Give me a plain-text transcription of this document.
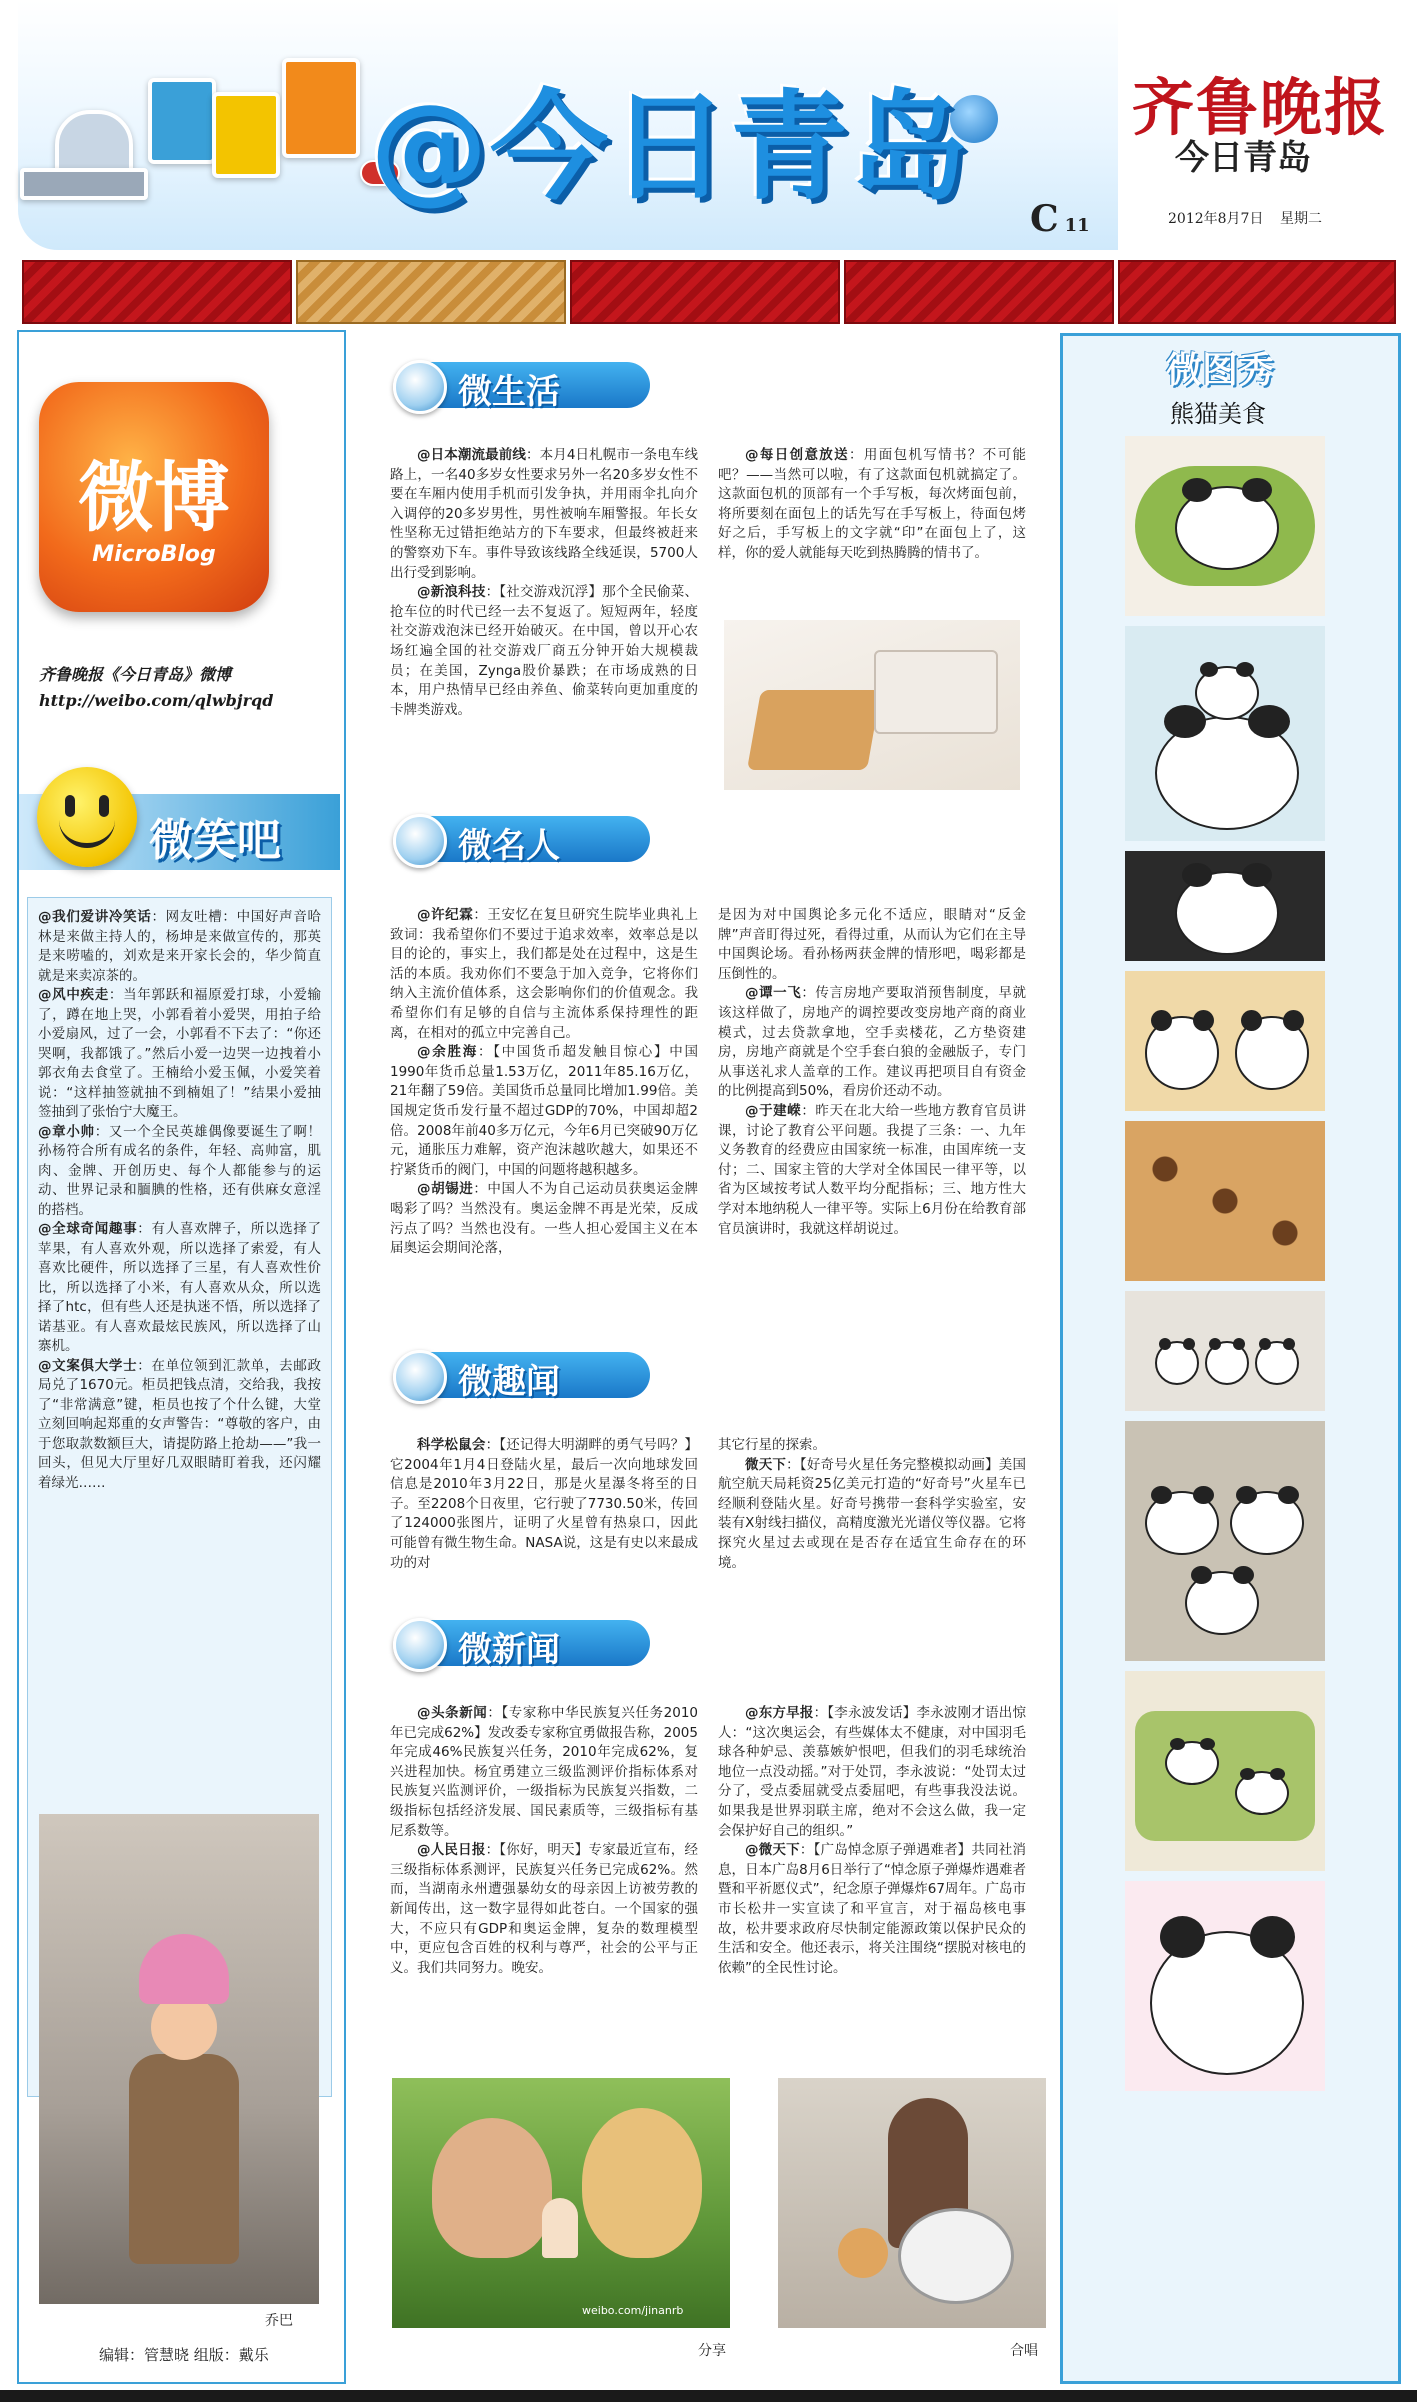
@今日青岛	齐鲁晚报
今日青岛
C 11	2012年8月7日 星期二
微博
MicroBlog
齐鲁晚报《今日青岛》微博
http://weibo.com/qlwbjrqd
微笑吧

@我们爱讲冷笑话：网友吐槽：中国好声音哈林是来做主持人的，杨坤是来做宣传的，那英是来唠嗑的，刘欢是来开家长会的，华少简直就是来卖凉茶的。

@风中疾走：当年郭跃和福原爱打球，小爱输了，蹲在地上哭，小郭看着小爱哭，用拍子给小爱扇风，过了一会，小郭看不下去了：“你还哭啊，我都饿了。”然后小爱一边哭一边拽着小郭衣角去食堂了。王楠给小爱玉佩，小爱笑着说：“这样抽签就抽不到楠姐了！”结果小爱抽签抽到了张怡宁大魔王。

@章小帅：又一个全民英雄偶像要诞生了啊！孙杨符合所有成名的条件，年轻、高帅富，肌肉、金牌、开创历史、每个人都能参与的运动、世界记录和腼腆的性格，还有供麻女意淫的搭档。

@全球奇闻趣事：有人喜欢牌子，所以选择了苹果，有人喜欢外观，所以选择了索爱，有人喜欢比硬件，所以选择了三星，有人喜欢性价比，所以选择了小米，有人喜欢从众，所以选择了htc，但有些人还是执迷不悟，所以选择了诺基亚。有人喜欢最炫民族风，所以选择了山寨机。

@文案俱大学士：在单位领到汇款单，去邮政局兑了1670元。柜员把钱点清，交给我，我按了“非常满意”键，柜员也按了个什么键，大堂立刻回响起郑重的女声警告：“尊敬的客户，由于您取款数额巨大，请提防路上抢劫——”我一回头，但见大厅里好几双眼睛盯着我，还闪耀着绿光……

乔巴
编辑：管慧晓 组版：戴乐
微生活

@日本潮流最前线：本月4日札幌市一条电车线路上，一名40多岁女性要求另外一名20多岁女性不要在车厢内使用手机而引发争执，并用雨伞扎向介入调停的20多岁男性，男性被响车厢警报。年长女性坚称无过错拒绝站方的下车要求，但最终被赶来的警察劝下车。事件导致该线路全线延误，5700人出行受到影响。

@新浪科技：【社交游戏沉浮】那个全民偷菜、抢车位的时代已经一去不复返了。短短两年，轻度社交游戏泡沫已经开始破灭。在中国，曾以开心农场红遍全国的社交游戏厂商五分钟开始大规模裁员；在美国，Zynga股价暴跌；在市场成熟的日本，用户热情早已经由养鱼、偷菜转向更加重度的卡牌类游戏。

@每日创意放送：用面包机写情书？不可能吧？——当然可以啦，有了这款面包机就搞定了。这款面包机的顶部有一个手写板，每次烤面包前，将所要刻在面包上的话先写在手写板上，待面包烤好之后，手写板上的文字就“印”在面包上了，这样，你的爱人就能每天吃到热腾腾的情书了。

微名人

@许纪霖：王安忆在复旦研究生院毕业典礼上致词：我希望你们不要过于追求效率，效率总是以目的论的，事实上，我们都是处在过程中，这是生活的本质。我劝你们不要急于加入竞争，它将你们纳入主流价值体系，这会影响你们的价值观念。我希望你们有足够的自信与主流体系保持理性的距离，在相对的孤立中完善自己。

@余胜海：【中国货币超发触目惊心】中国1990年货币总量1.53万亿，2011年85.16万亿，21年翻了59倍。美国货币总量同比增加1.99倍。美国规定货币发行量不超过GDP的70%，中国却超2倍。2008年前40多万亿元，今年6月已突破90万亿元，通胀压力难解，资产泡沫越吹越大，如果还不拧紧货币的阀门，中国的问题将越积越多。

@胡锡进：中国人不为自己运动员获奥运金牌喝彩了吗？当然没有。奥运金牌不再是光荣，反成污点了吗？当然也没有。一些人担心爱国主义在本届奥运会期间沦落，

是因为对中国舆论多元化不适应，眼睛对“反金牌”声音盯得过死，看得过重，从而认为它们在主导中国舆论场。看孙杨两获金牌的情形吧，喝彩都是压倒性的。

@谭一飞：传言房地产要取消预售制度，早就该这样做了，房地产的调控要改变房地产商的商业模式，过去贷款拿地，空手卖楼花，乙方垫资建房，房地产商就是个空手套白狼的金融版子，专门从事送礼求人盖章的工作。建议再把项目自有资金的比例提高到50%，看房价还动不动。

@于建嵘：昨天在北大给一些地方教育官员讲课，讨论了教育公平问题。我提了三条：一、九年义务教育的经费应由国家统一标准，由国库统一支付；二、国家主管的大学对全体国民一律平等，以省为区域按考试人数平均分配指标；三、地方性大学对本地纳税人一律平等。实际上6月份在给教育部官员演讲时，我就这样胡说过。

微趣闻

科学松鼠会：【还记得大明湖畔的勇气号吗？】它2004年1月4日登陆火星，最后一次向地球发回信息是2010年3月22日，那是火星瀑冬将至的日子。至2208个日夜里，它行驶了7730.50米，传回了124000张图片，证明了火星曾有热泉口，因此可能曾有微生物生命。NASA说，这是有史以来最成功的对

其它行星的探索。

微天下：【好奇号火星任务完整模拟动画】美国航空航天局耗资25亿美元打造的“好奇号”火星车已经顺利登陆火星。好奇号携带一套科学实验室，安装有X射线扫描仪，高精度激光光谱仪等仪器。它将探究火星过去或现在是否存在适宜生命存在的环境。

微新闻

@头条新闻：【专家称中华民族复兴任务2010年已完成62%】发改委专家称宜勇做报告称，2005年完成46%民族复兴任务，2010年完成62%，复兴进程加快。杨宜勇建立三级监测评价指标体系对民族复兴监测评价，一级指标为民族复兴指数，二级指标包括经济发展、国民素质等，三级指标有基尼系数等。

@人民日报：【你好，明天】专家最近宣布，经三级指标体系测评，民族复兴任务已完成62%。然而，当湖南永州遭强暴幼女的母亲因上访被劳教的新闻传出，这一数字显得如此苍白。一个国家的强大，不应只有GDP和奥运金牌，复杂的数理模型中，更应包含百姓的权利与尊严，社会的公平与正义。我们共同努力。晚安。

@东方早报：【李永波发话】李永波刚才语出惊人：“这次奥运会，有些媒体太不健康，对中国羽毛球各种妒忌、羡慕嫉妒恨吧，但我们的羽毛球统治地位一点没动摇。”对于处罚，李永波说：“处罚太过分了，受点委屈就受点委屈吧，有些事我没法说。如果我是世界羽联主席，绝对不会这么做，我一定会保护好自己的组织。”

@微天下：【广岛悼念原子弹遇难者】共同社消息，日本广岛8月6日举行了“悼念原子弹爆炸遇难者暨和平祈愿仪式”，纪念原子弹爆炸67周年。广岛市市长松井一实宣读了和平宣言，对于福岛核电事故，松井要求政府尽快制定能源政策以保护民众的生活和安全。他还表示，将关注围绕“摆脱对核电的依赖”的全民性讨论。

weibo.com/jinanrb
分享	合唱
微图秀
熊猫美食
